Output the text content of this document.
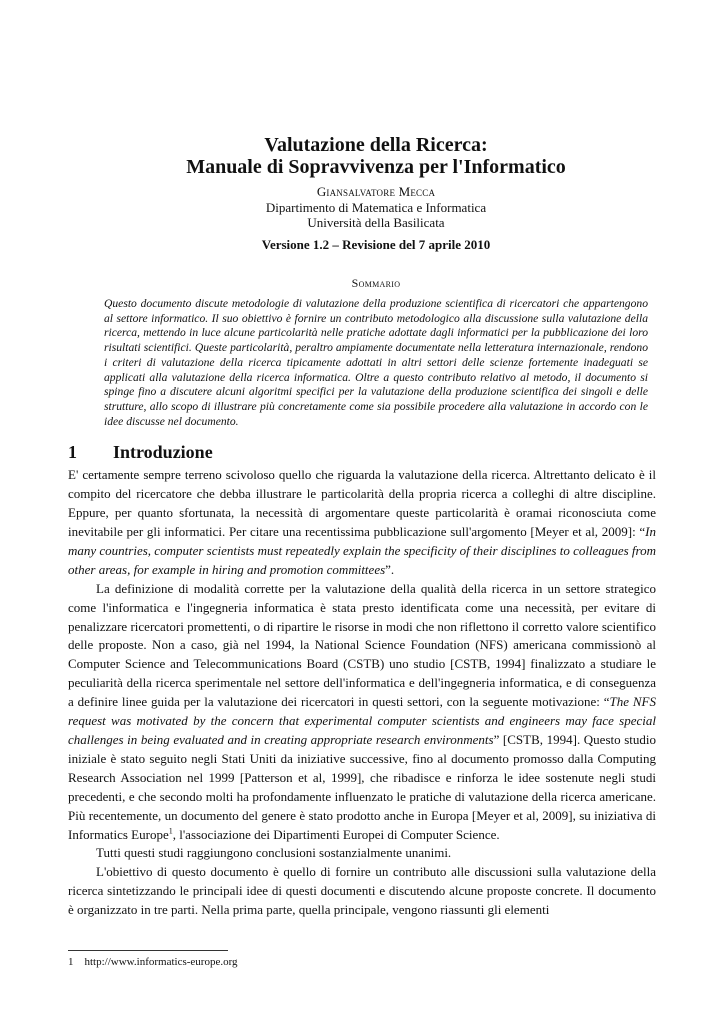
Valutazione della Ricerca:
Manuale di Sopravvivenza per l'Informatico
Giansalvatore Mecca
Dipartimento di Matematica e Informatica
Università della Basilicata
Versione 1.2 – Revisione del 7 aprile 2010
Sommario
Questo documento discute metodologie di valutazione della produzione scientifica di ricercatori che appartengono al settore informatico. Il suo obiettivo è fornire un contributo metodologico alla discussione sulla valutazione della ricerca, mettendo in luce alcune particolarità nelle pratiche adottate dagli informatici per la pubblicazione dei loro risultati scientifici. Queste particolarità, peraltro ampiamente documentate nella letteratura internazionale, rendono i criteri di valutazione della ricerca tipicamente adottati in altri settori delle scienze fortemente inadeguati se applicati alla valutazione della ricerca informatica. Oltre a questo contributo relativo al metodo, il documento si spinge fino a discutere alcuni algoritmi specifici per la valutazione della produzione scientifica dei singoli e delle strutture, allo scopo di illustrare più concretamente come sia possibile procedere alla valutazione in accordo con le idee discusse nel documento.
1	Introduzione

E' certamente sempre terreno scivoloso quello che riguarda la valutazione della ricerca. Altrettanto delicato è il compito del ricercatore che debba illustrare le particolarità della propria ricerca a colleghi di altre discipline. Eppure, per quanto sfortunata, la necessità di argomentare queste particolarità è oramai riconosciuta come inevitabile per gli informatici. Per citare una recentissima pubblicazione sull'argomento [Meyer et al, 2009]: “In many countries, computer scientists must repeatedly explain the specificity of their disciplines to colleagues from other areas, for example in hiring and promotion committees”.

La definizione di modalità corrette per la valutazione della qualità della ricerca in un settore strategico come l'informatica e l'ingegneria informatica è stata presto identificata come una necessità, per evitare di penalizzare ricercatori promettenti, o di ripartire le risorse in modi che non riflettono il corretto valore scientifico delle proposte. Non a caso, già nel 1994, la National Science Foundation (NFS) americana commissionò al Computer Science and Telecommunications Board (CSTB) uno studio [CSTB, 1994] finalizzato a studiare le peculiarità della ricerca sperimentale nel settore dell'informatica e dell'ingegneria informatica, e di conseguenza a definire linee guida per la valutazione dei ricercatori in questi settori, con la seguente motivazione: “The NFS request was motivated by the concern that experimental computer scientists and engineers may face special challenges in being evaluated and in creating appropriate research environments” [CSTB, 1994]. Questo studio iniziale è stato seguito negli Stati Uniti da iniziative successive, fino al documento promosso dalla Computing Research Association nel 1999 [Patterson et al, 1999], che ribadisce e rinforza le idee sostenute negli studi precedenti, e che secondo molti ha profondamente influenzato le pratiche di valutazione della ricerca americane. Più recentemente, un documento del genere è stato prodotto anche in Europa [Meyer et al, 2009], su iniziativa di Informatics Europe$^1$, l'associazione dei Dipartimenti Europei di Computer Science.

Tutti questi studi raggiungono conclusioni sostanzialmente unanimi.

L'obiettivo di questo documento è quello di fornire un contributo alle discussioni sulla valutazione della ricerca sintetizzando le principali idee di questi documenti e discutendo alcune proposte concrete. Il documento è organizzato in tre parti. Nella prima parte, quella principale, vengono riassunti gli elementi

1 http://www.informatics-europe.org
